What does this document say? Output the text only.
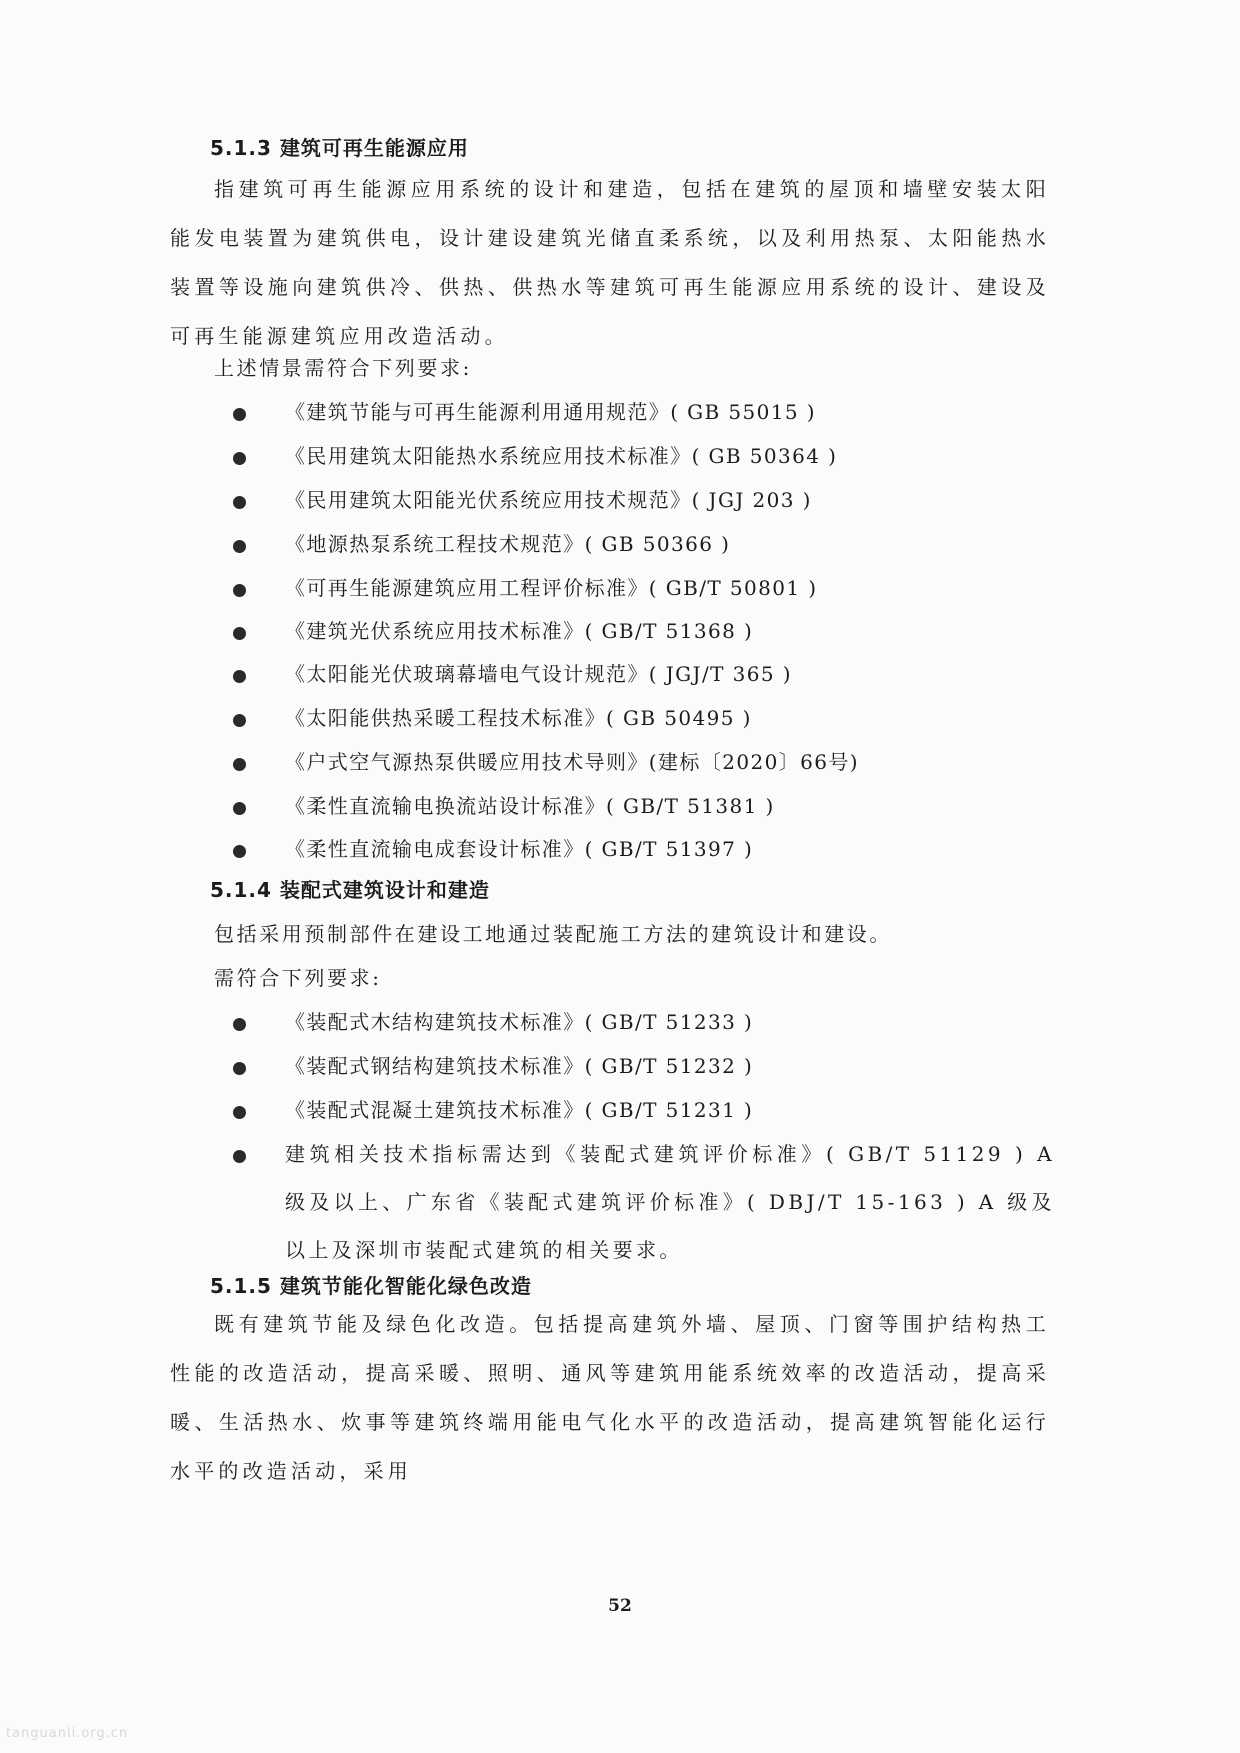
5.1.3 建筑可再生能源应用

指建筑可再生能源应用系统的设计和建造，包括在建筑的屋顶和墙壁安装太阳能发电装置为建筑供电，设计建设建筑光储直柔系统，以及利用热泵、太阳能热水装置等设施向建筑供冷、供热、供热水等建筑可再生能源应用系统的设计、建设及可再生能源建筑应用改造活动。

上述情景需符合下列要求:
《建筑节能与可再生能源利用通用规范》( GB 55015 )
《民用建筑太阳能热水系统应用技术标准》( GB 50364 )
《民用建筑太阳能光伏系统应用技术规范》( JGJ 203 )
《地源热泵系统工程技术规范》( GB 50366 )
《可再生能源建筑应用工程评价标准》( GB/T 50801 )
《建筑光伏系统应用技术标准》( GB/T 51368 )
《太阳能光伏玻璃幕墙电气设计规范》( JGJ/T 365 )
《太阳能供热采暖工程技术标准》( GB 50495 )
《户式空气源热泵供暖应用技术导则》(建标〔2020〕66号)
《柔性直流输电换流站设计标准》( GB/T 51381 )
《柔性直流输电成套设计标准》( GB/T 51397 )
5.1.4 装配式建筑设计和建造
包括采用预制部件在建设工地通过装配施工方法的建筑设计和建设。
需符合下列要求:
《装配式木结构建筑技术标准》( GB/T 51233 )
《装配式钢结构建筑技术标准》( GB/T 51232 )
《装配式混凝土建筑技术标准》( GB/T 51231 )
建筑相关技术指标需达到《装配式建筑评价标准》( GB/T 51129 ) A 级及以上、广东省《装配式建筑评价标准》( DBJ/T 15-163 ) A 级及以上及深圳市装配式建筑的相关要求。
5.1.5 建筑节能化智能化绿色改造

既有建筑节能及绿色化改造。包括提高建筑外墙、屋顶、门窗等围护结构热工性能的改造活动，提高采暖、照明、通风等建筑用能系统效率的改造活动，提高采暖、生活热水、炊事等建筑终端用能电气化水平的改造活动，提高建筑智能化运行水平的改造活动，采用

52
tanguanli.org.cn
